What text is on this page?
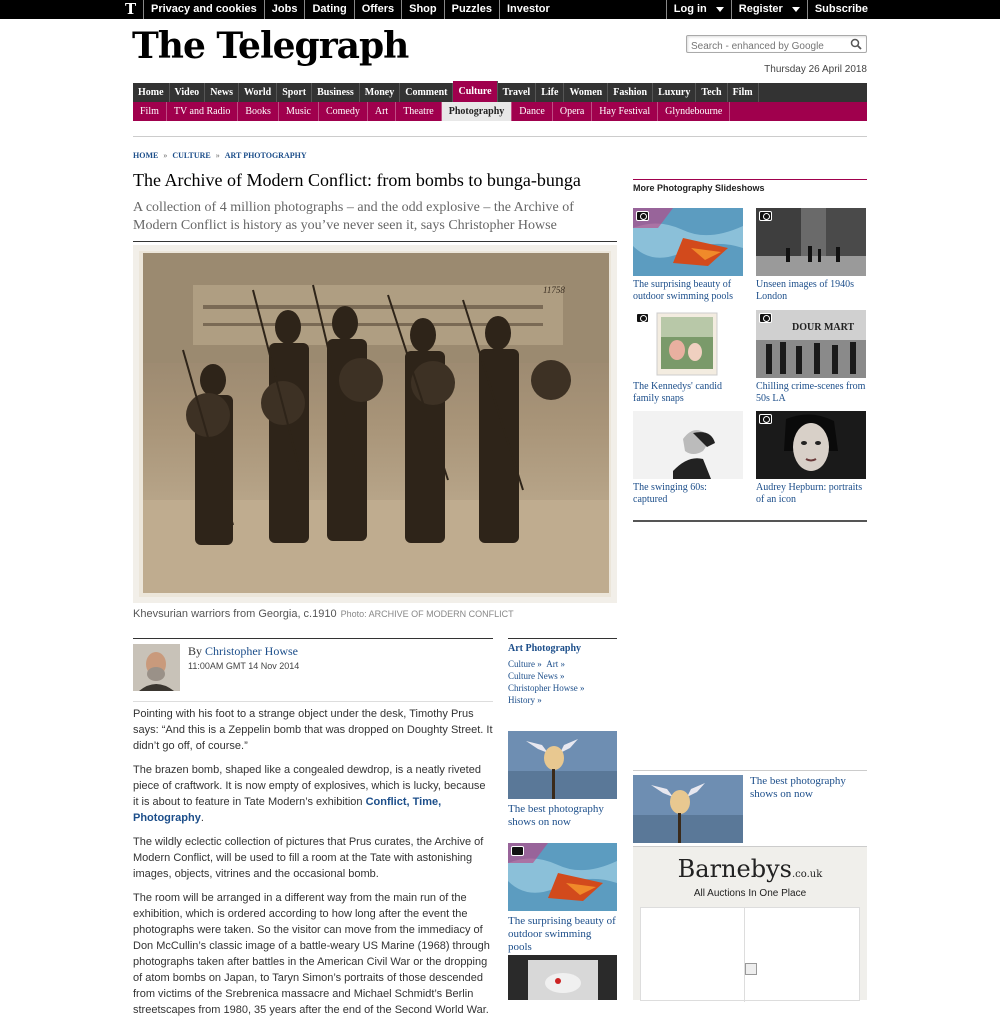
T	Privacy and cookies	Jobs	Dating	Offers	Shop	Puzzles	Investor	Log in	Register	Subscribe
The Telegraph
Search - enhanced by Google
Thursday 26 April 2018
Home	Video	News	World	Sport	Business	Money	Comment	Culture	Travel	Life	Women	Fashion	Luxury	Tech	Film
Film	TV and Radio	Books	Music	Comedy	Art	Theatre	Photography	Dance	Opera	Hay Festival	Glyndebourne
HOME » CULTURE » ART PHOTOGRAPHY
The Archive of Modern Conflict: from bombs to bunga-bunga

A collection of 4 million photographs – and the odd explosive – the Archive of Modern Conflict is history as you’ve never seen it, says Christopher Howse

11758
Khevsurian warriors from Georgia, c.1910 Photo: ARCHIVE OF MODERN CONFLICT
By Christopher Howse
11:00AM GMT 14 Nov 2014

Pointing with his foot to a strange object under the desk, Timothy Prus says: “And this is a Zeppelin bomb that was dropped on Doughty Street. It didn’t go off, of course.”

The brazen bomb, shaped like a congealed dewdrop, is a neatly riveted piece of craftwork. It is now empty of explosives, which is lucky, because it is about to feature in Tate Modern’s exhibition Conflict, Time, Photography.

The wildly eclectic collection of pictures that Prus curates, the Archive of Modern Conflict, will be used to fill a room at the Tate with astonishing images, objects, vitrines and the occasional bomb.

The room will be arranged in a different way from the main run of the exhibition, which is ordered according to how long after the event the photographs were taken. So the visitor can move from the immediacy of Don McCullin’s classic image of a battle-weary US Marine (1968) through photographs taken after battles in the American Civil War or the dropping of atom bombs on Japan, to Taryn Simon’s portraits of those descended from victims of the Srebrenica massacre and Michael Schmidt’s Berlin streetscapes from 1980, 35 years after the end of the Second World War.

Art Photography
Culture » Art »
Culture News »
Christopher Howse »
History »
The best photography shows on now
The surprising beauty of outdoor swimming pools
More Photography Slideshows
The surprising beauty of outdoor swimming pools
Unseen images of 1940s London
The Kennedys' candid family snaps
DOUR MART
Chilling crime-scenes from 50s LA
The swinging 60s: captured
Audrey Hepburn: portraits of an icon
The best photography shows on now
Barnebys.co.uk
All Auctions In One Place
